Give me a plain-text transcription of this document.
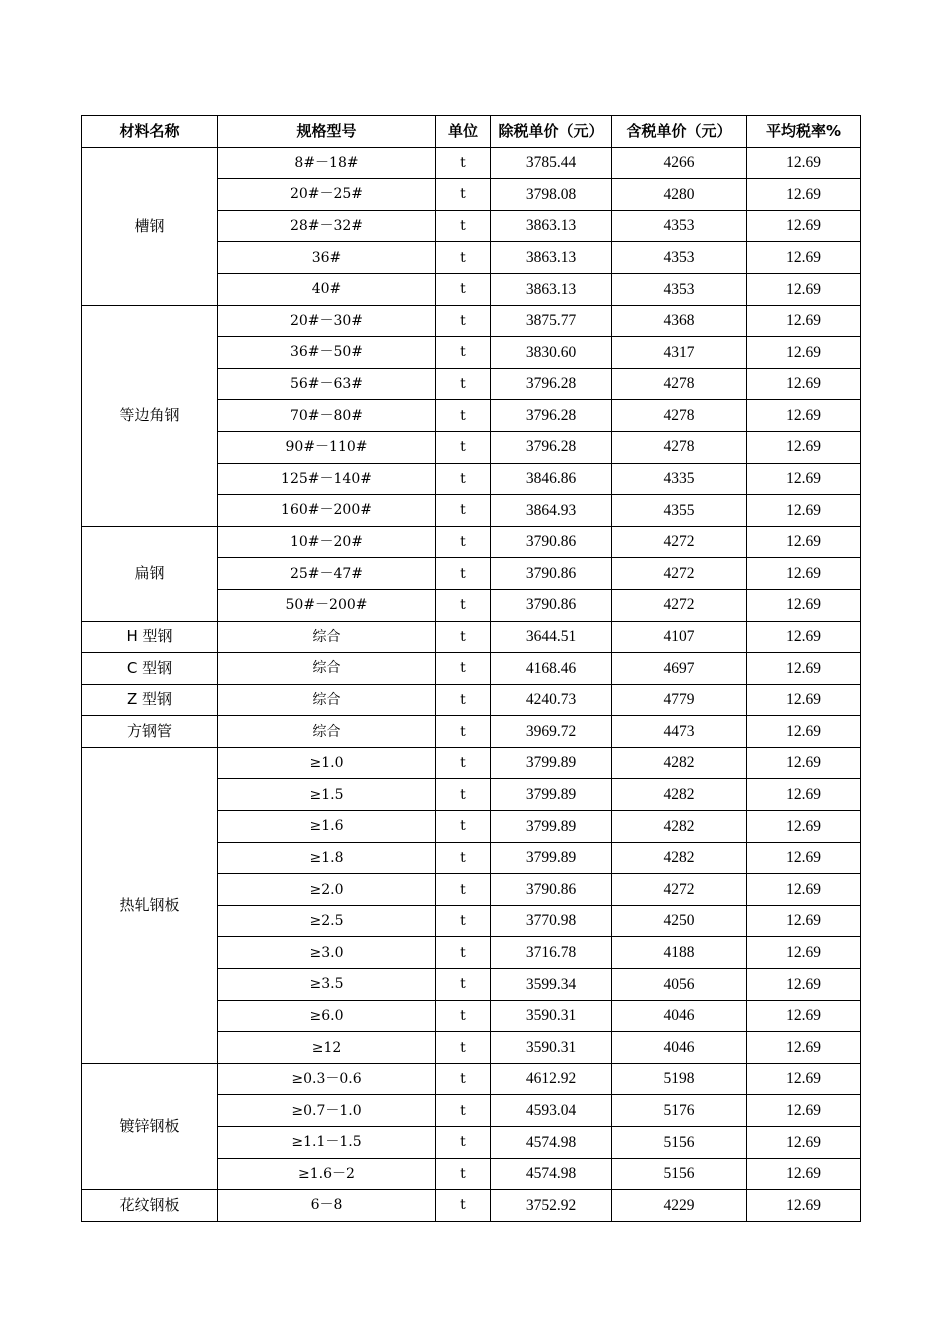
材料名称	规格型号	单位	除税单价（元）	含税单价（元）	平均税率%
槽钢	8#－18#	t	3785.44	4266	12.69
	20#－25#	t	3798.08	4280	12.69
	28#－32#	t	3863.13	4353	12.69
	36#	t	3863.13	4353	12.69
	40#	t	3863.13	4353	12.69
等边角钢	20#－30#	t	3875.77	4368	12.69
	36#－50#	t	3830.60	4317	12.69
	56#－63#	t	3796.28	4278	12.69
	70#－80#	t	3796.28	4278	12.69
	90#－110#	t	3796.28	4278	12.69
	125#－140#	t	3846.86	4335	12.69
	160#－200#	t	3864.93	4355	12.69
扁钢	10#－20#	t	3790.86	4272	12.69
	25#－47#	t	3790.86	4272	12.69
	50#－200#	t	3790.86	4272	12.69
H 型钢	综合	t	3644.51	4107	12.69
C 型钢	综合	t	4168.46	4697	12.69
Z 型钢	综合	t	4240.73	4779	12.69
方钢管	综合	t	3969.72	4473	12.69
热轧钢板	≥1.0	t	3799.89	4282	12.69
	≥1.5	t	3799.89	4282	12.69
	≥1.6	t	3799.89	4282	12.69
	≥1.8	t	3799.89	4282	12.69
	≥2.0	t	3790.86	4272	12.69
	≥2.5	t	3770.98	4250	12.69
	≥3.0	t	3716.78	4188	12.69
	≥3.5	t	3599.34	4056	12.69
	≥6.0	t	3590.31	4046	12.69
	≥12	t	3590.31	4046	12.69
镀锌钢板	≥0.3－0.6	t	4612.92	5198	12.69
	≥0.7－1.0	t	4593.04	5176	12.69
	≥1.1－1.5	t	4574.98	5156	12.69
	≥1.6－2	t	4574.98	5156	12.69
花纹钢板	6－8	t	3752.92	4229	12.69
